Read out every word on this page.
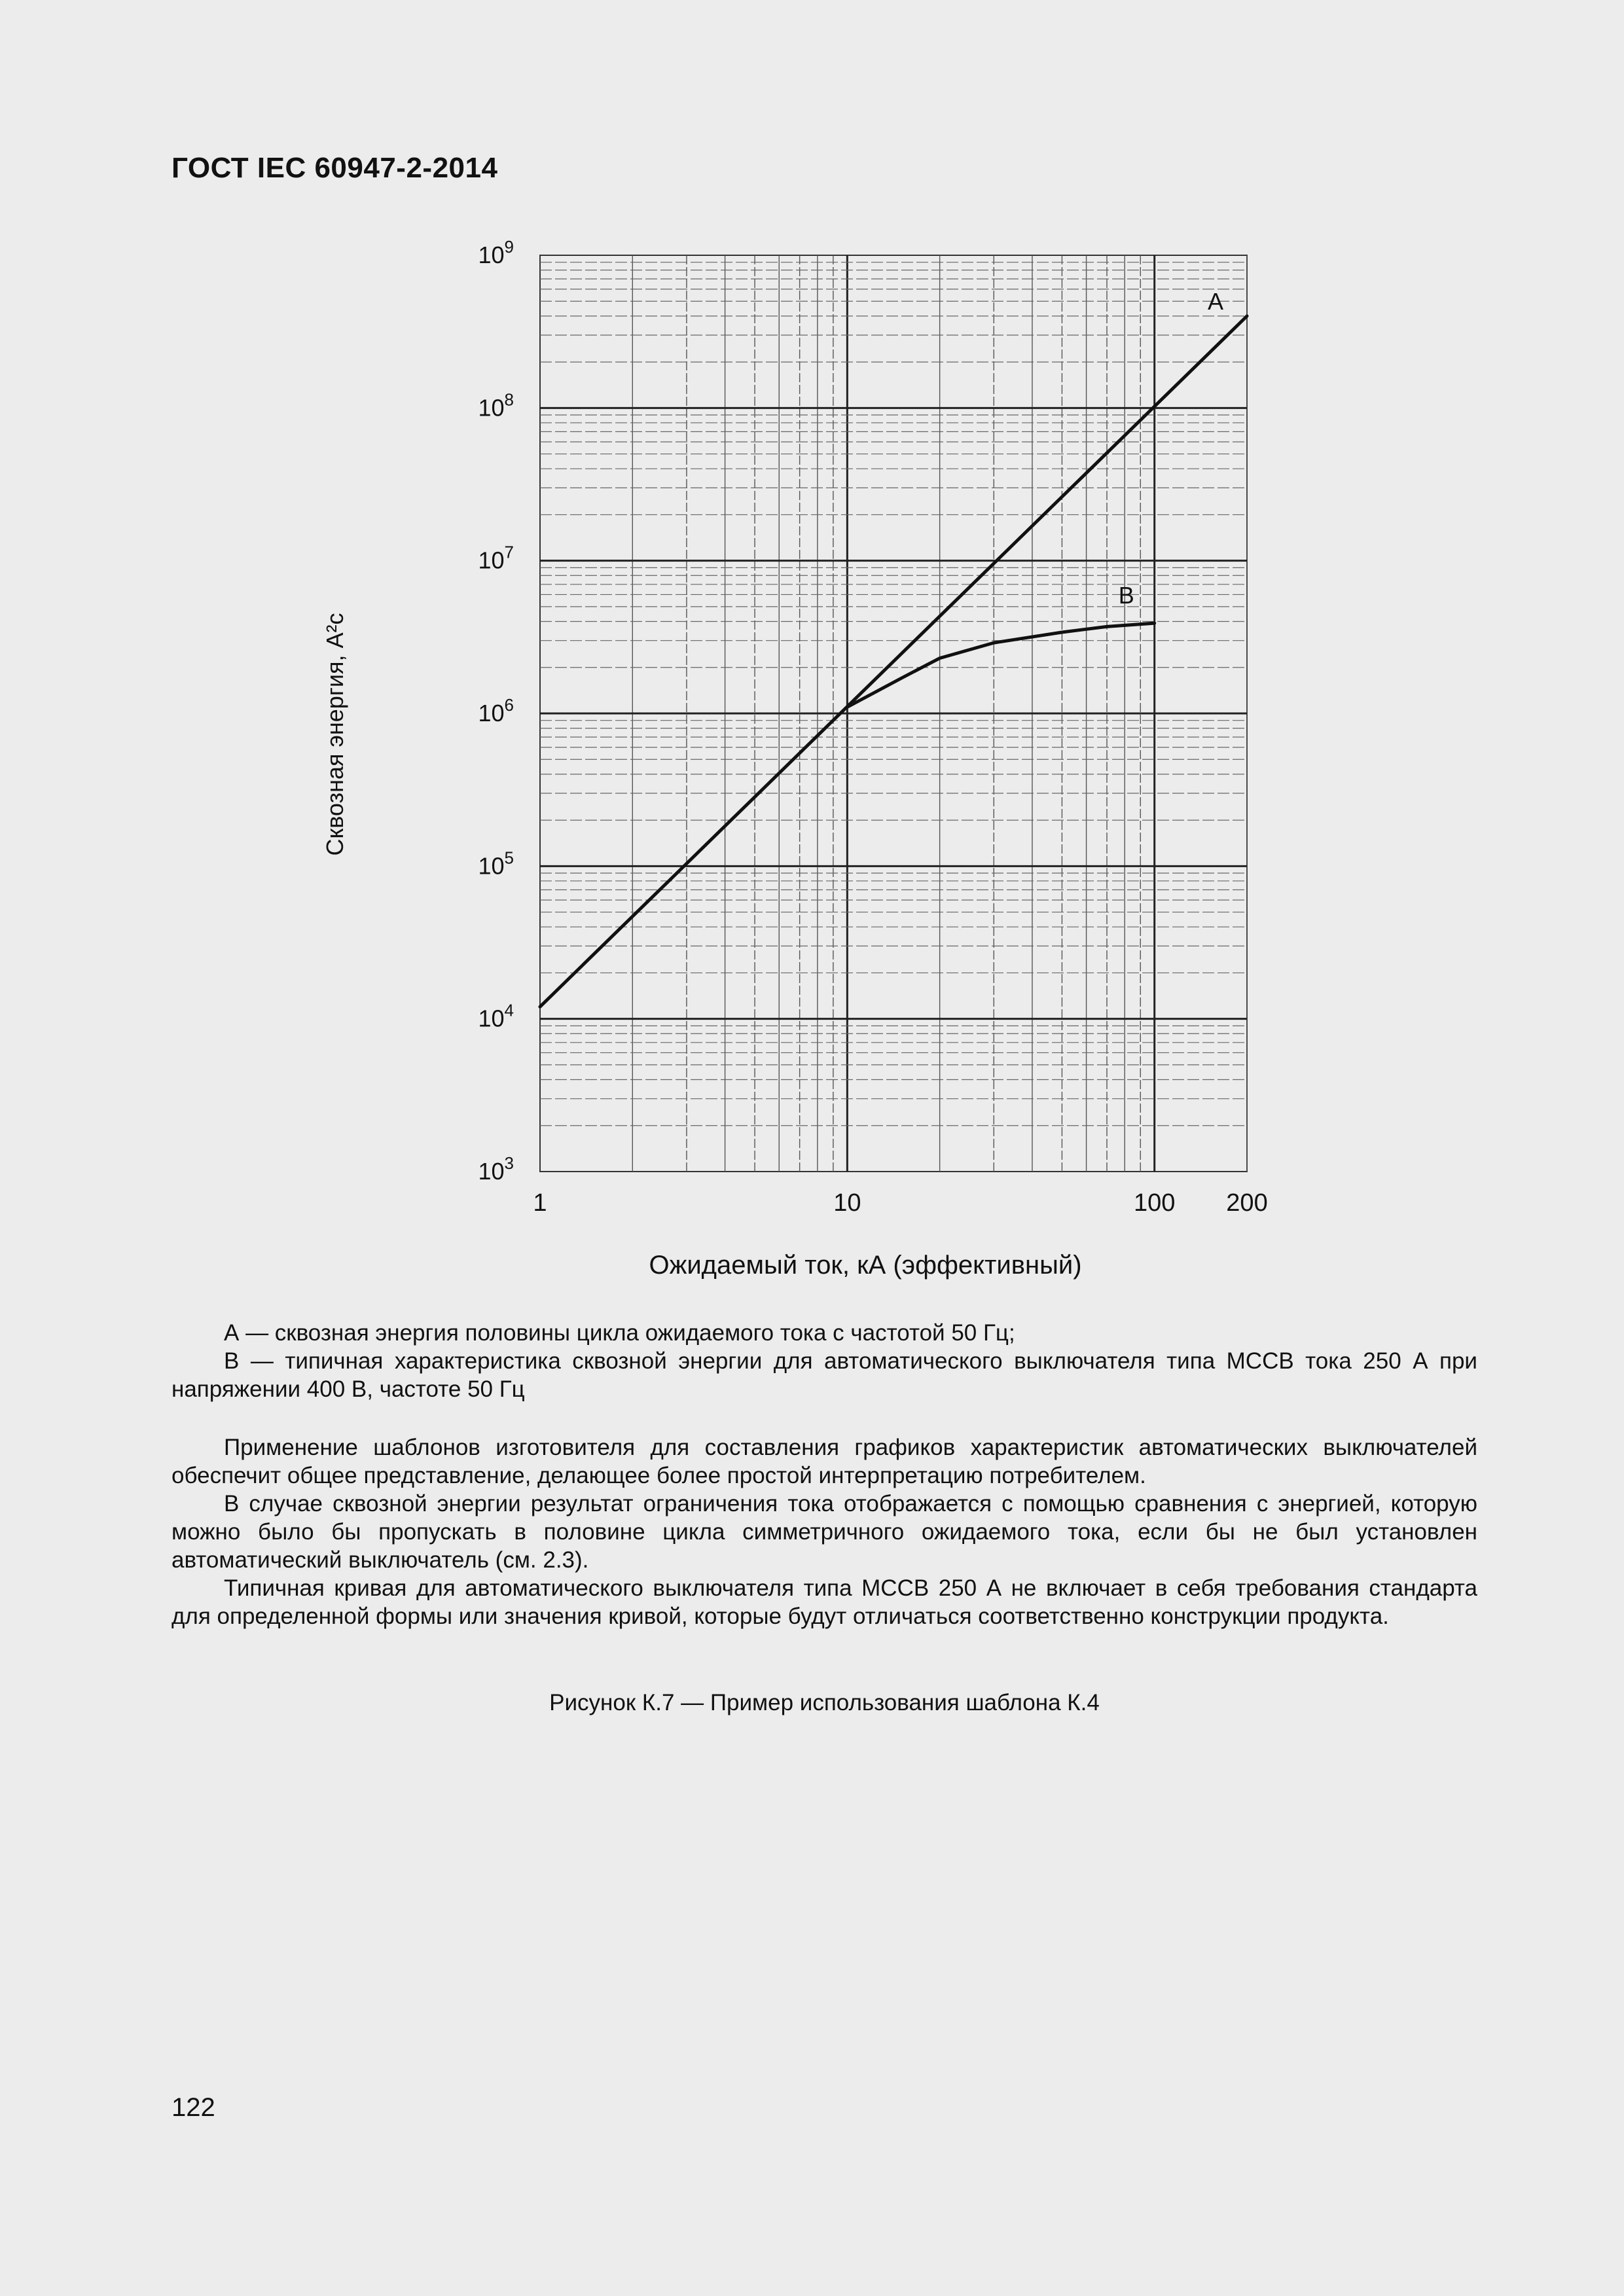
ГОСТ IEC 60947-2-2014
A
B
1	10	100 200
$10^3$
$10^4$
$10^5$
$10^6$
$10^7$
$10^8$
$10^9$
Ожидаемый ток, кА (эффективный)
Сквозная энергия, A²c

А — сквозная энергия половины цикла ожидаемого тока с частотой 50 Гц;

В — типичная характеристика сквозной энергии для автоматического выключателя типа МССВ тока 250 А при напряжении 400 В, частоте 50 Гц

Применение шаблонов изготовителя для составления графиков характеристик автоматических выключателей обеспечит общее представление, делающее более простой интерпретацию потребителем.

В случае сквозной энергии результат ограничения тока отображается с помощью сравнения с энергией, которую можно было бы пропускать в половине цикла симметричного ожидаемого тока, если бы не был установлен автоматический выключатель (см. 2.3).

Типичная кривая для автоматического выключателя типа МССВ 250 А не включает в себя требования стандарта для определенной формы или значения кривой, которые будут отличаться соответственно конструкции продукта.

Рисунок К.7 — Пример использования шаблона К.4
122
